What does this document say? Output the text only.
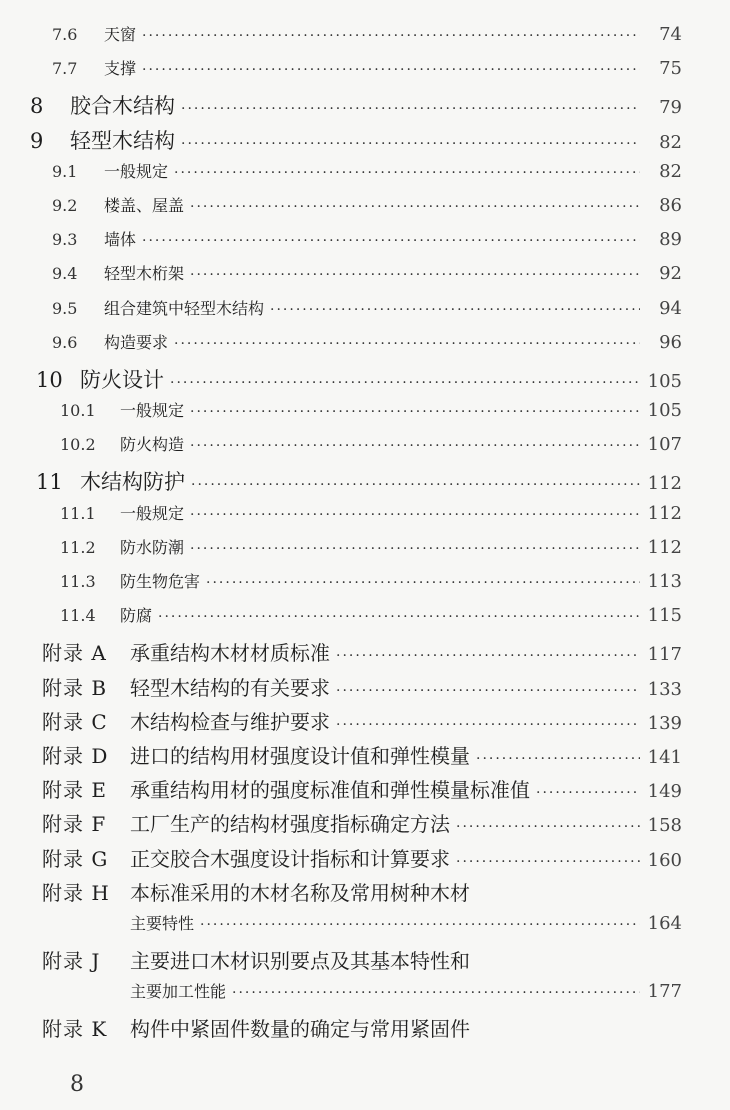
7.6	天窗 ·····	74
7.7	支撑 ·····	75
8	胶合木结构 ·····	79
9	轻型木结构 ·····	82
9.1	一般规定 ·····	82
9.2	楼盖、屋盖 ·····	86
9.3	墙体 ·····	89
9.4	轻型木桁架 ·····	92
9.5	组合建筑中轻型木结构 ·····	94
9.6	构造要求 ·····	96
10 防火设计 ·····	105
10.1	一般规定 ·····	105
10.2	防火构造 ·····	107
11 木结构防护 ·····	112
11.1	一般规定 ·····	112
11.2	防水防潮 ·····	112
11.3	防生物危害 ·····	113
11.4	防腐 ·····	115
附录 A	承重结构木材材质标准 ·····	117
附录 B	轻型木结构的有关要求 ·····	133
附录 C	木结构检查与维护要求 ·····	139
附录 D	进口的结构用材强度设计值和弹性模量 ·····	141
附录 E	承重结构用材的强度标准值和弹性模量标准值 ·····	149
附录 F	工厂生产的结构材强度指标确定方法 ·····	158
附录 G	正交胶合木强度设计指标和计算要求 ·····	160
附录 H	本标准采用的木材名称及常用树种木材
主要特性 ·····	164
附录 J	主要进口木材识别要点及其基本特性和
主要加工性能 ·····	177
附录 K	构件中紧固件数量的确定与常用紧固件
8
